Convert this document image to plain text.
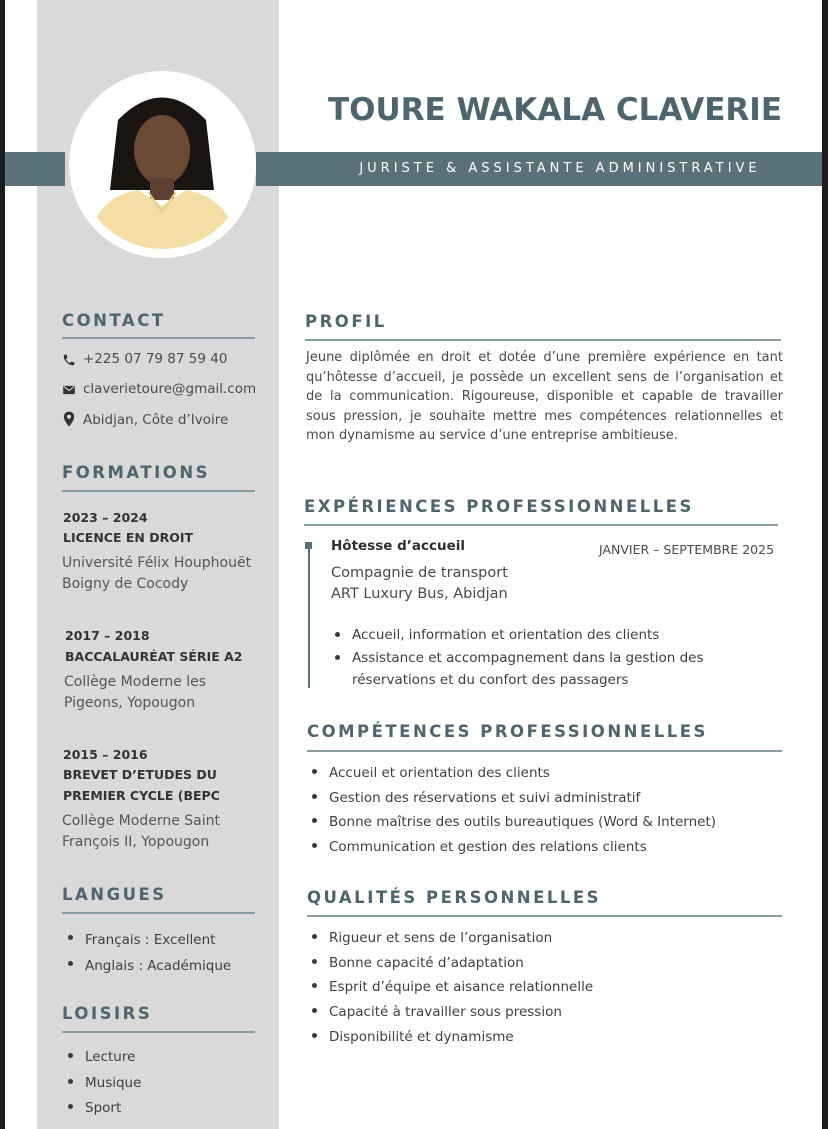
TOURE WAKALA CLAVERIE
JURISTE & ASSISTANTE ADMINISTRATIVE
CONTACT
+225 07 79 87 59 40
claverietoure@gmail.com
Abidjan, Côte d’Ivoire
FORMATIONS
2023 – 2024
LICENCE EN DROIT
Université Félix Houphouët
Boigny de Cocody
2017 – 2018
BACCALAURÉAT SÉRIE A2
Collège Moderne les
Pigeons, Yopougon
2015 – 2016
BREVET D’ETUDES DU
PREMIER CYCLE (BEPC
Collège Moderne Saint
François II, Yopougon
LANGUES
Français : Excellent
Anglais : Académique
LOISIRS
Lecture
Musique
Sport
PROFIL
Jeune diplômée en droit et dotée d’une première expérience en tant qu’hôtesse d’accueil, je possède un excellent sens de l’organisation et de la communication. Rigoureuse, disponible et capable de travailler sous pression, je souhaite mettre mes compétences relationnelles et mon dynamisme au service d’une entreprise ambitieuse.
EXPÉRIENCES PROFESSIONNELLES
Hôtesse d’accueil	JANVIER – SEPTEMBRE 2025
Compagnie de transport
ART Luxury Bus, Abidjan
Accueil, information et orientation des clients
Assistance et accompagnement dans la gestion des
réservations et du confort des passagers
COMPÉTENCES PROFESSIONNELLES
Accueil et orientation des clients
Gestion des réservations et suivi administratif
Bonne maîtrise des outils bureautiques (Word & Internet)
Communication et gestion des relations clients
QUALITÉS PERSONNELLES
Rigueur et sens de l’organisation
Bonne capacité d’adaptation
Esprit d’équipe et aisance relationnelle
Capacité à travailler sous pression
Disponibilité et dynamisme
